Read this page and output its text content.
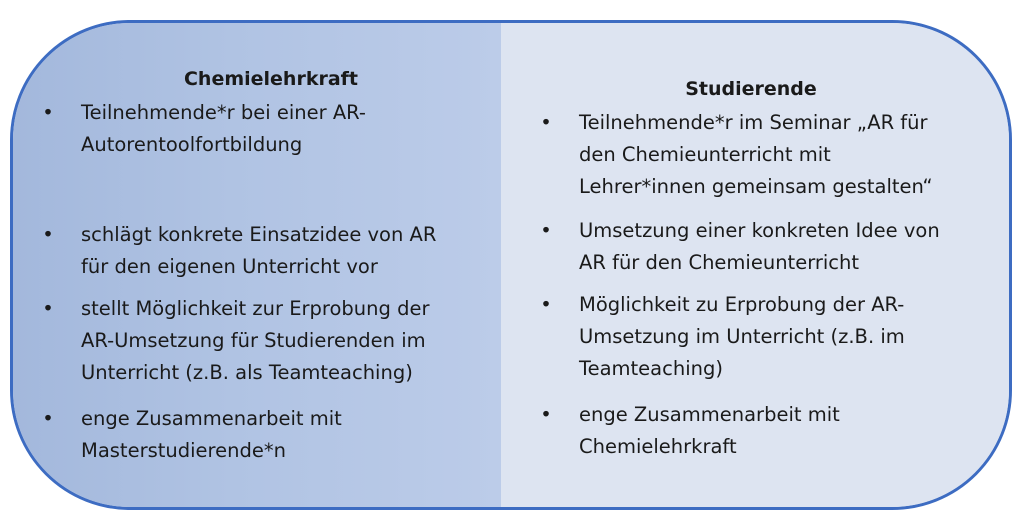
Chemielehrkraft
• Teilnehmende*r bei einer AR-
Autorentoolfortbildung
• schlägt konkrete Einsatzidee von AR
für den eigenen Unterricht vor
• stellt Möglichkeit zur Erprobung der
AR-Umsetzung für Studierenden im
Unterricht (z.B. als Teamteaching)
• enge Zusammenarbeit mit
Masterstudierende*n
Studierende
• Teilnehmende*r im Seminar „AR für
den Chemieunterricht mit
Lehrer*innen gemeinsam gestalten“
• Umsetzung einer konkreten Idee von
AR für den Chemieunterricht
• Möglichkeit zu Erprobung der AR-
Umsetzung im Unterricht (z.B. im
Teamteaching)
• enge Zusammenarbeit mit
Chemielehrkraft
